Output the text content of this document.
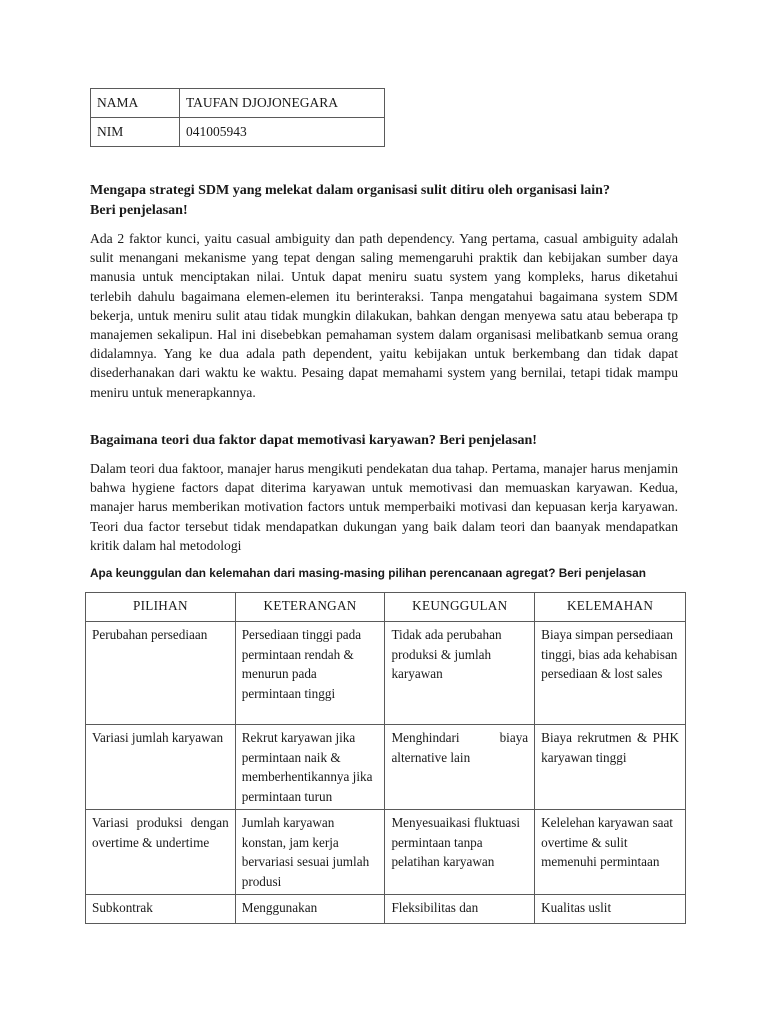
NAMA	TAUFAN DJOJONEGARA
NIM	041005943
Mengapa strategi SDM yang melekat dalam organisasi sulit ditiru oleh organisasi lain?
Beri penjelasan!
Ada 2 faktor kunci, yaitu casual ambiguity dan path dependency. Yang pertama, casual ambiguity adalah sulit menangani mekanisme yang tepat dengan saling memengaruhi praktik dan kebijakan sumber daya manusia untuk menciptakan nilai. Untuk dapat meniru suatu system yang kompleks, harus diketahui terlebih dahulu bagaimana elemen-elemen itu berinteraksi. Tanpa mengatahui bagaimana system SDM bekerja, untuk meniru sulit atau tidak mungkin dilakukan, bahkan dengan menyewa satu atau beberapa tp manajemen sekalipun. Hal ini disebebkan pemahaman system dalam organisasi melibatkanb semua orang didalamnya. Yang ke dua adala path dependent, yaitu kebijakan untuk berkembang dan tidak dapat disederhanakan dari waktu ke waktu. Pesaing dapat memahami system yang bernilai, tetapi tidak mampu meniru untuk menerapkannya.
Bagaimana teori dua faktor dapat memotivasi karyawan? Beri penjelasan!
Dalam teori dua faktoor, manajer harus mengikuti pendekatan dua tahap. Pertama, manajer harus menjamin bahwa hygiene factors dapat diterima karyawan untuk memotivasi dan memuaskan karyawan. Kedua, manajer harus memberikan motivation factors untuk memperbaiki motivasi dan kepuasan kerja karyawan. Teori dua factor tersebut tidak mendapatkan dukungan yang baik dalam teori dan baanyak mendapatkan kritik dalam hal metodologi
Apa keunggulan dan kelemahan dari masing-masing pilihan perencanaan agregat? Beri penjelasan
PILIHAN	KETERANGAN	KEUNGGULAN	KELEMAHAN
Perubahan persediaan	Persediaan tinggi pada permintaan rendah & menurun pada permintaan tinggi	Tidak ada perubahan produksi & jumlah karyawan	Biaya simpan persediaan tinggi, bias ada kehabisan persediaan & lost sales
Variasi jumlah karyawan	Rekrut karyawan jika permintaan naik & memberhentikannya jika permintaan turun	Menghindari biaya alternative lain	Biaya rekrutmen & PHK karyawan tinggi
Variasi produksi dengan overtime & undertime	Jumlah karyawan konstan, jam kerja bervariasi sesuai jumlah produsi	Menyesuaikasi fluktuasi permintaan tanpa pelatihan karyawan	Kelelehan karyawan saat overtime & sulit memenuhi permintaan
Subkontrak	Menggunakan	Fleksibilitas dan	Kualitas uslit
